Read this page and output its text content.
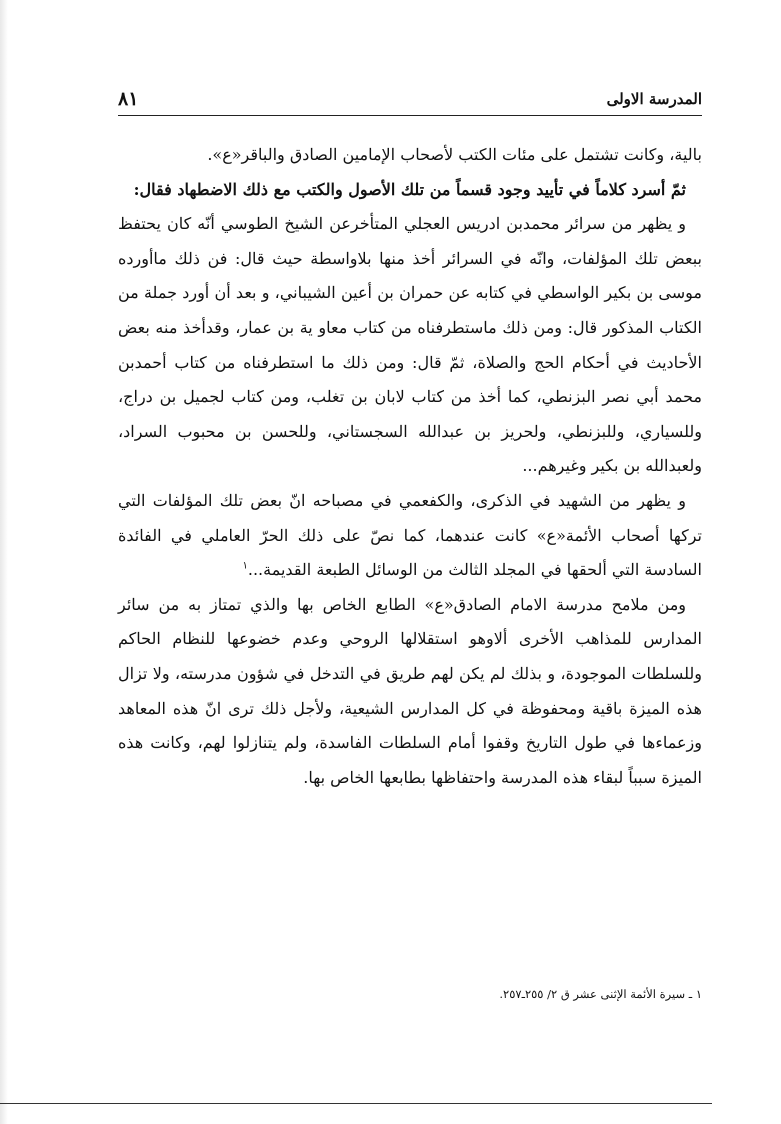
٨١	المدرسة الاولى

بالية، وكانت تشتمل على مئات الكتب لأصحاب الإمامين الصادق والباقر«ع».

ثمّ أسرد كلاماً في تأييد وجود قسماً من تلك الأصول والكتب مع ذلك الاضطهاد فقال:

و يظهر من سرائر محمدبن ادريس العجلي المتأخرعن الشيخ الطوسي أنّه كان يحتفظ ببعض تلك المؤلفات، وانّه في السرائر أخذ منها بلاواسطة حيث قال: فن ذلك ماأورده موسى بن بكير الواسطي في كتابه عن حمران بن أعين الشيباني، و بعد أن أورد جملة من الكتاب المذكور قال: ومن ذلك ماستطرفناه من كتاب معاو ية بن عمار، وقدأخذ منه بعض الأحاديث في أحكام الحج والصلاة، ثمّ قال: ومن ذلك ما استطرفناه من كتاب أحمدبن محمد أبي نصر البزنطي، كما أخذ من كتاب لابان بن تغلب، ومن كتاب لجميل بن دراج، وللسياري، وللبزنطي، ولحريز بن عبدالله السجستاني، وللحسن بن محبوب السراد، ولعبدالله بن بكير وغيرهم...

و يظهر من الشهيد في الذكرى، والكفعمي في مصباحه انّ بعض تلك المؤلفات التي تركها أصحاب الأئمة«ع» كانت عندهما، كما نصّ على ذلك الحرّ العاملي في الفائدة السادسة التي ألحقها في المجلد الثالث من الوسائل الطبعة القديمة...$^١$

ومن ملامح مدرسة الامام الصادق«ع» الطابع الخاص بها والذي تمتاز به من سائر المدارس للمذاهب الأخرى ألاوهو استقلالها الروحي وعدم خضوعها للنظام الحاكم وللسلطات الموجودة، و بذلك لم يكن لهم طريق في التدخل في شؤون مدرسته، ولا تزال هذه الميزة باقية ومحفوظة في كل المدارس الشيعية، ولأجل ذلك ترى انّ هذه المعاهد وزعماءها في طول التاريخ وقفوا أمام السلطات الفاسدة، ولم يتنازلوا لهم، وكانت هذه الميزة سبباً لبقاء هذه المدرسة واحتفاظها بطابعها الخاص بها.

١ ـ سيرة الأئمة الإثنى عشر ق ٢/ ٢٥٥ـ٢٥٧.
